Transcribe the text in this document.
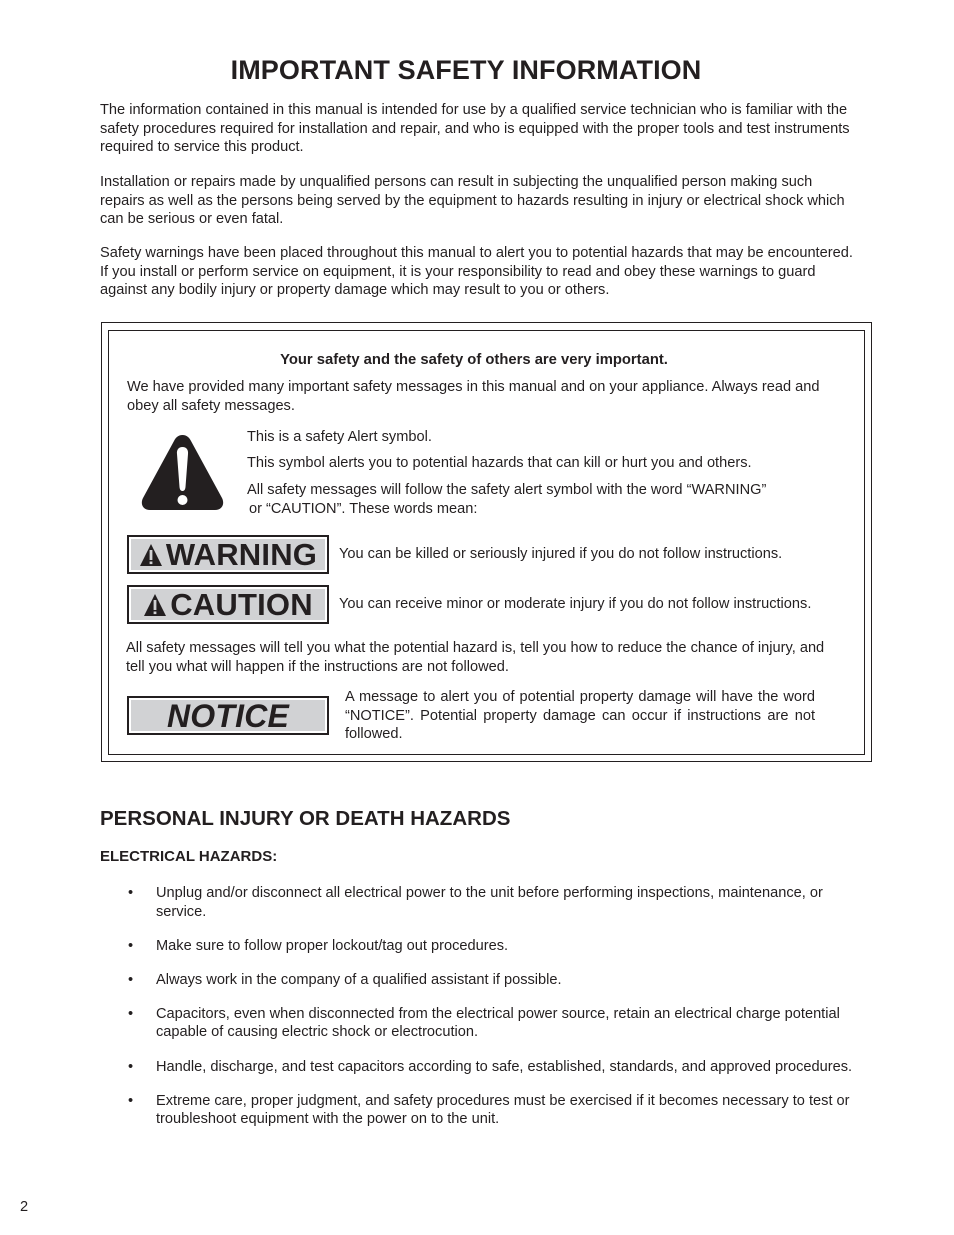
IMPORTANT SAFETY INFORMATION

The information contained in this manual is intended for use by a qualified service technician who is familiar with the safety procedures required for installation and repair, and who is equipped with the proper tools and test instruments required to service this product.

Installation or repairs made by unqualified persons can result in subjecting the unqualified person making such repairs as well as the persons being served by the equipment to hazards resulting in injury or electrical shock which can be serious or even fatal.

Safety warnings have been placed throughout this manual to alert you to potential hazards that may be encountered. If you install or perform service on equipment, it is your responsibility to read and obey these warnings to guard against any bodily injury or property damage which may result to you or others.

Your safety and the safety of others are very important.
We have provided many important safety messages in this manual and on your appliance. Always read and obey all safety messages.
This is a safety Alert symbol.
This symbol alerts you to potential hazards that can kill or hurt you and others.
All safety messages will follow the safety alert symbol with the word “WARNING”
or “CAUTION”. These words mean:
WARNING You can be killed or seriously injured if you do not follow instructions.
CAUTION You can receive minor or moderate injury if you do not follow instructions.
All safety messages will tell you what the potential hazard is, tell you how to reduce the chance of injury, and tell you what will happen if the instructions are not followed.
NOTICE
A message to alert you of potential property damage will have the word “NOTICE”. Potential property damage can occur if instructions are not followed.
PERSONAL INJURY OR DEATH HAZARDS
ELECTRICAL HAZARDS:
• Unplug and/or disconnect all electrical power to the unit before performing inspections, maintenance, or service.
• Make sure to follow proper lockout/tag out procedures.
• Always work in the company of a qualified assistant if possible.
• Capacitors, even when disconnected from the electrical power source, retain an electrical charge potential capable of causing electric shock or electrocution.
• Handle, discharge, and test capacitors according to safe, established, standards, and approved procedures.
• Extreme care, proper judgment, and safety procedures must be exercised if it becomes necessary to test or troubleshoot equipment with the power on to the unit.
2
